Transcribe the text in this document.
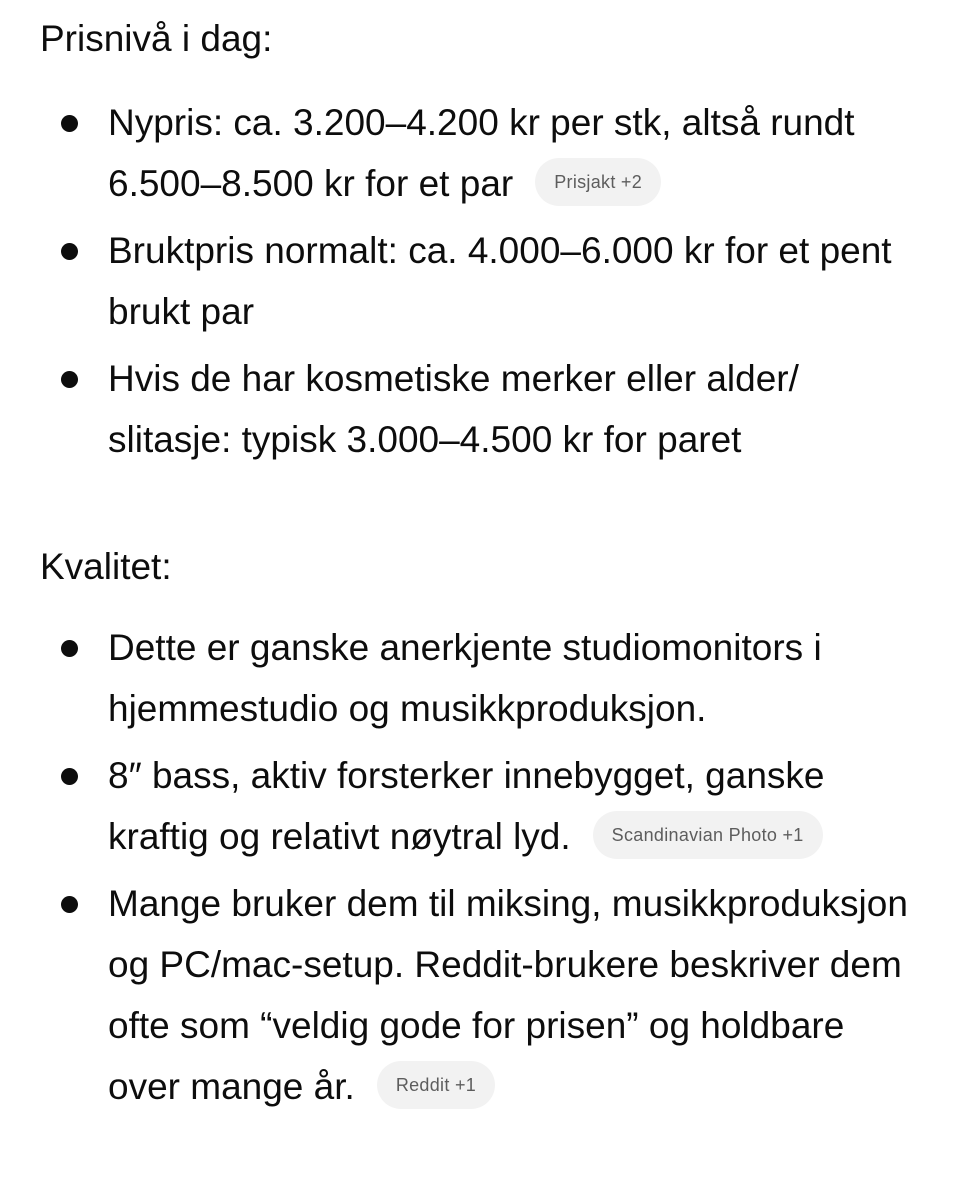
Prisnivå i dag:

Nypris: ca. 3.200–4.200 kr per stk, altså rundt 6.500–8.500 kr for et par Prisjakt +2
Bruktpris normalt: ca. 4.000–6.000 kr for et pent brukt par
Hvis de har kosmetiske merker eller alder/ slitasje: typisk 3.000–4.500 kr for paret

Kvalitet:

Dette er ganske anerkjente studiomonitors i hjemmestudio og musikkproduksjon.
8″ bass, aktiv forsterker innebygget, ganske kraftig og relativt nøytral lyd. Scandinavian Photo +1
Mange bruker dem til miksing, musikkproduksjon og PC/mac-setup. Reddit-brukere beskriver dem ofte som “veldig gode for prisen” og holdbare over mange år. Reddit +1
